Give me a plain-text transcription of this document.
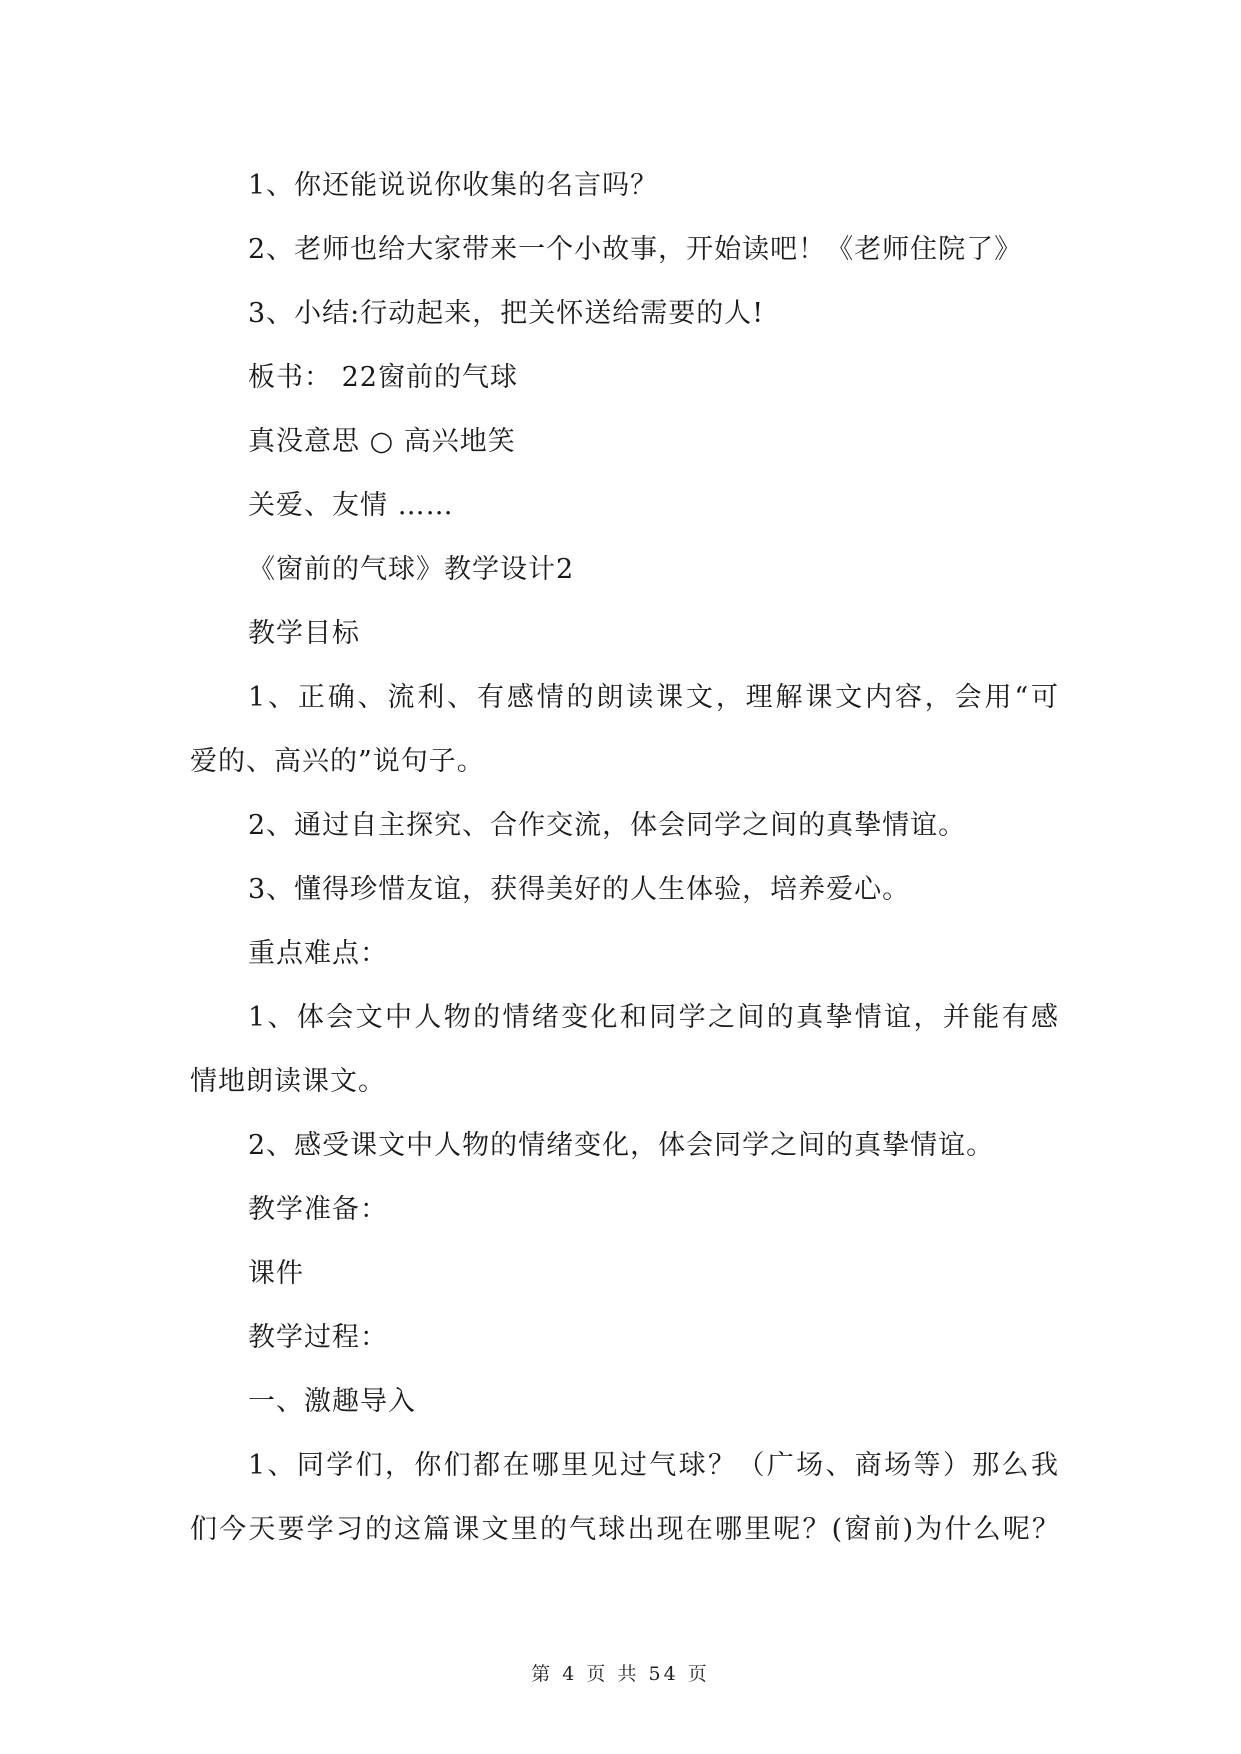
1、你还能说说你收集的名言吗？
2、老师也给大家带来一个小故事，开始读吧！《老师住院了》
3、小结:行动起来，把关怀送给需要的人!
板书： 22窗前的气球
真没意思 ○ 高兴地笑
关爱、友情 ……
《窗前的气球》教学设计2
教学目标
1、正确、流利、有感情的朗读课文，理解课文内容，会用“可
爱的、高兴的”说句子。
2、通过自主探究、合作交流，体会同学之间的真挚情谊。
3、懂得珍惜友谊，获得美好的人生体验，培养爱心。
重点难点：
1、体会文中人物的情绪变化和同学之间的真挚情谊，并能有感
情地朗读课文。
2、感受课文中人物的情绪变化，体会同学之间的真挚情谊。
教学准备：
课件
教学过程：
一、激趣导入
1、同学们，你们都在哪里见过气球？（广场、商场等）那么我
们今天要学习的这篇课文里的气球出现在哪里呢？(窗前)为什么呢？
第 4 页 共 54 页
